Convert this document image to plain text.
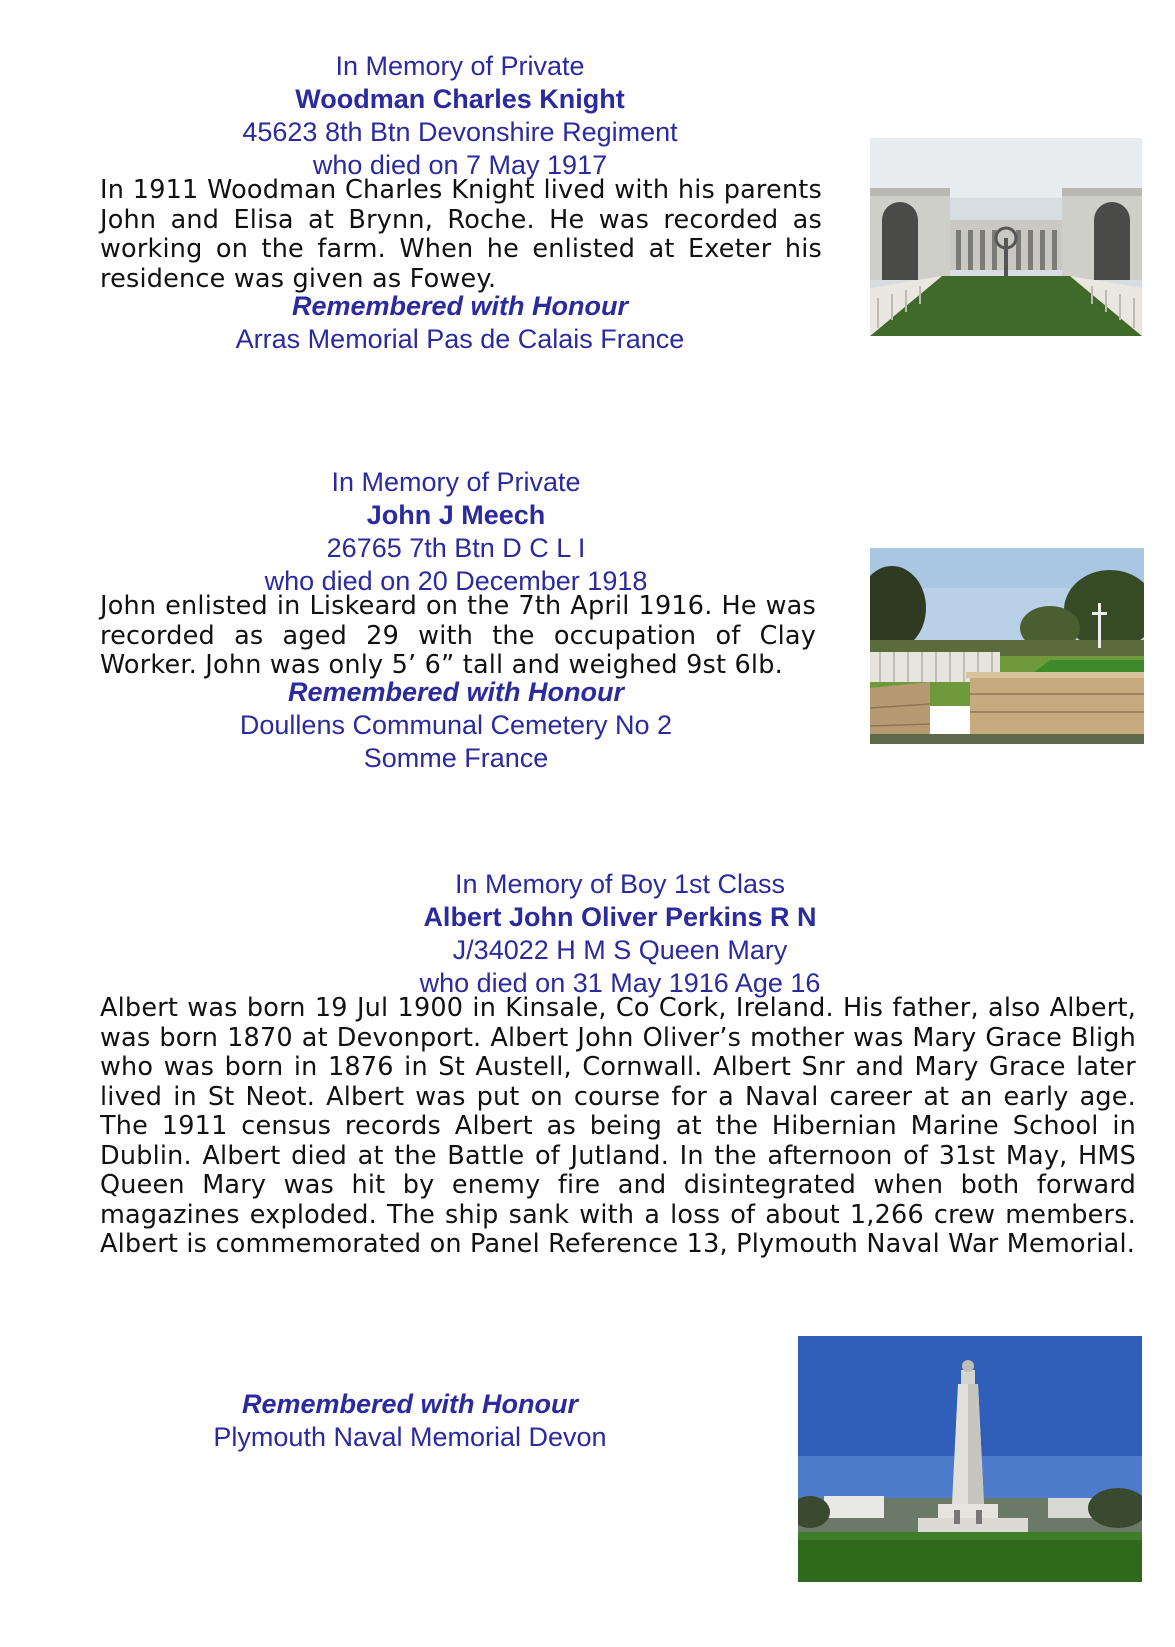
In Memory of Private
Woodman Charles Knight
45623 8th Btn Devonshire Regiment
who died on 7 May 1917
In 1911 Woodman Charles Knight lived with his parents John and Elisa at Brynn, Roche. He was recorded as working on the farm. When he enlisted at Exeter his residence was given as Fowey.
Remembered with Honour
Arras Memorial Pas de Calais France
In Memory of Private
John J Meech
26765 7th Btn D C L I
who died on 20 December 1918
John enlisted in Liskeard on the 7th April 1916. He was recorded as aged 29 with the occupation of Clay Worker. John was only 5’ 6” tall and weighed 9st 6lb.
Remembered with Honour
Doullens Communal Cemetery No 2
Somme France
In Memory of Boy 1st Class
Albert John Oliver Perkins R N
J/34022 H M S Queen Mary
who died on 31 May 1916 Age 16
Albert was born 19 Jul 1900 in Kinsale, Co Cork, Ireland. His father, also Albert, was born 1870 at Devonport. Albert John Oliver’s mother was Mary Grace Bligh who was born in 1876 in St Austell, Cornwall. Albert Snr and Mary Grace later lived in St Neot. Albert was put on course for a Naval career at an early age. The 1911 census records Albert as being at the Hibernian Marine School in Dublin. Albert died at the Battle of Jutland. In the afternoon of 31st May, HMS Queen Mary was hit by enemy fire and disintegrated when both forward magazines exploded. The ship sank with a loss of about 1,266 crew members. Albert is commemorated on Panel Reference 13, Plymouth Naval War Memorial.
Remembered with Honour
Plymouth Naval Memorial Devon
